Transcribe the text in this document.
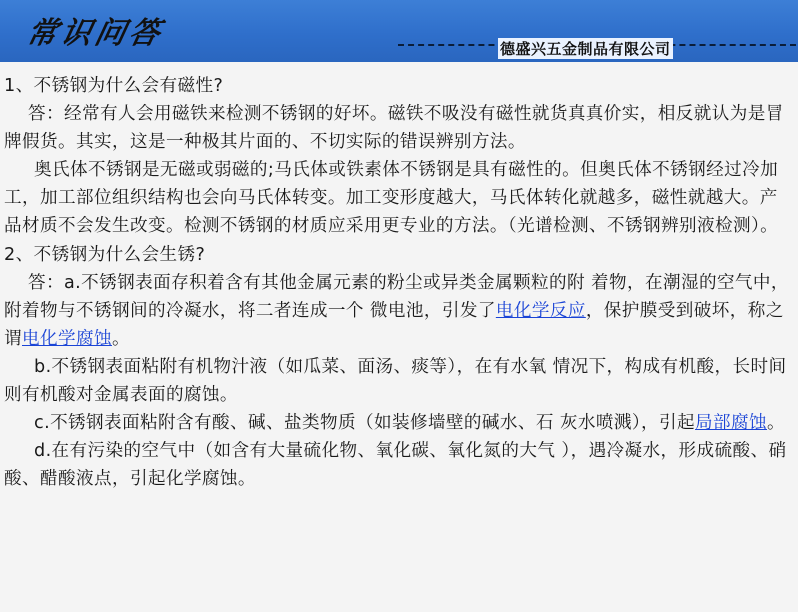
常识问答	德盛兴五金制品有限公司

1、不锈钢为什么会有磁性?

答：经常有人会用磁铁来检测不锈钢的好坏。磁铁不吸没有磁性就货真真价实，相反就认为是冒牌假货。其实，这是一种极其片面的、不切实际的错误辨别方法。

奥氏体不锈钢是无磁或弱磁的;马氏体或铁素体不锈钢是具有磁性的。但奥氏体不锈钢经过冷加工，加工部位组织结构也会向马氏体转变。加工变形度越大，马氏体转化就越多，磁性就越大。产品材质不会发生改变。检测不锈钢的材质应采用更专业的方法。（光谱检测、不锈钢辨别液检测）。

2、不锈钢为什么会生锈?

答：a.不锈钢表面存积着含有其他金属元素的粉尘或异类金属颗粒的附 着物，在潮湿的空气中，附着物与不锈钢间的冷凝水，将二者连成一个 微电池，引发了电化学反应，保护膜受到破坏，称之谓电化学腐蚀。

b.不锈钢表面粘附有机物汁液（如瓜菜、面汤、痰等），在有水氧 情况下，构成有机酸，长时间则有机酸对金属表面的腐蚀。

c.不锈钢表面粘附含有酸、碱、盐类物质（如装修墙壁的碱水、石 灰水喷溅），引起局部腐蚀。

d.在有污染的空气中（如含有大量硫化物、氧化碳、氧化氮的大气 ），遇冷凝水，形成硫酸、硝酸、醋酸液点，引起化学腐蚀。
